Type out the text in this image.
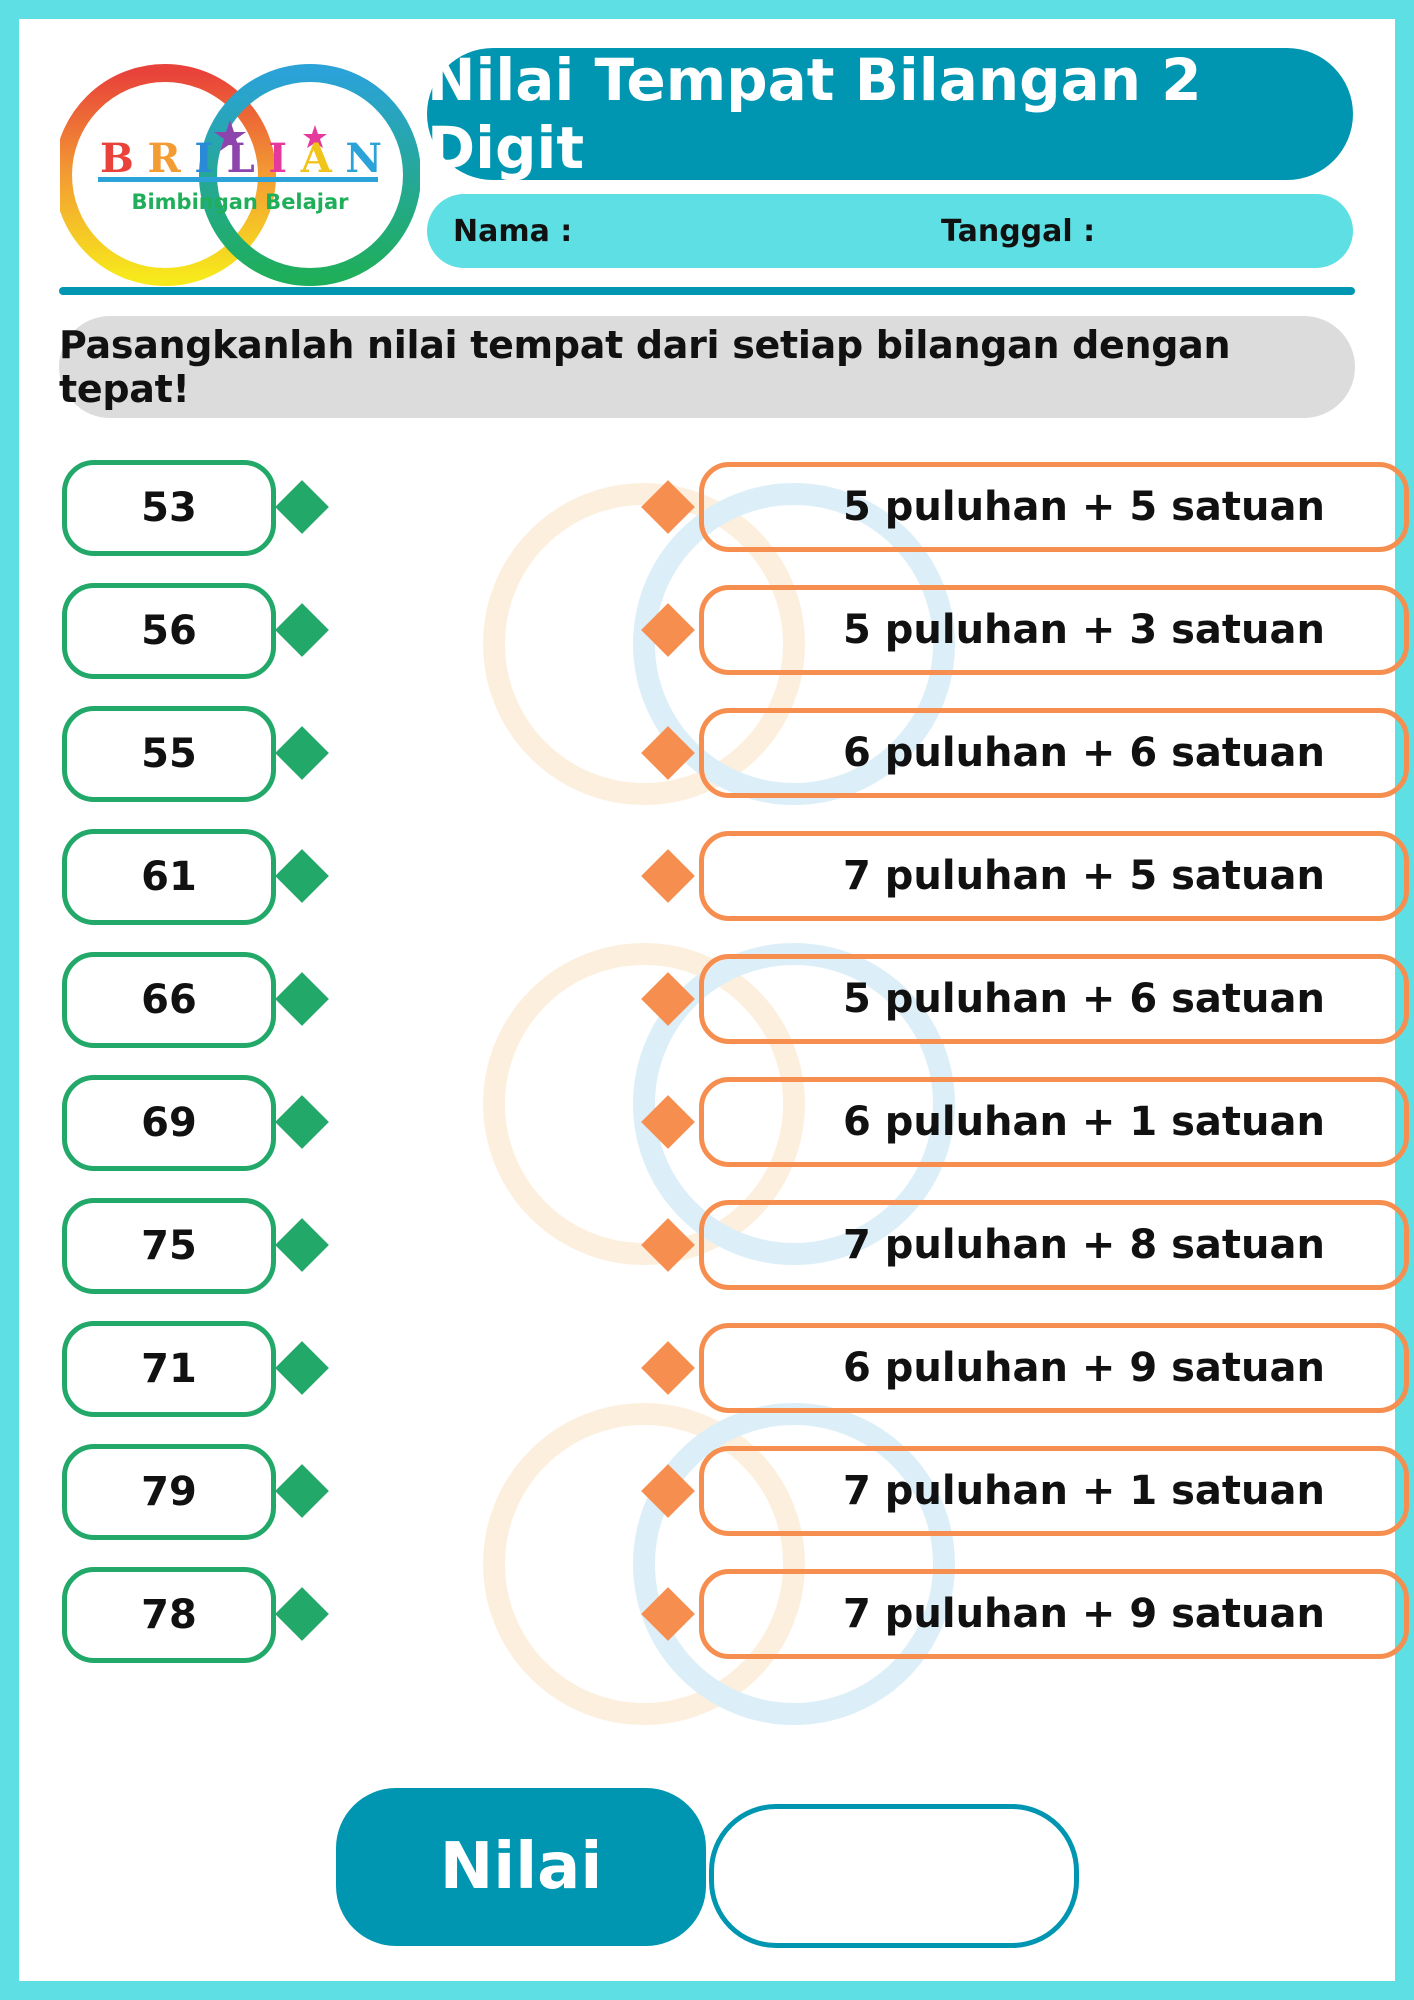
B R I L I A N
Bimbingan Belajar
Nilai Tempat Bilangan 2 Digit
Nama :	Tanggal :
Pasangkanlah nilai tempat dari setiap bilangan dengan tepat!
53	5 puluhan + 5 satuan
56	5 puluhan + 3 satuan
55	6 puluhan + 6 satuan
61	7 puluhan + 5 satuan
66	5 puluhan + 6 satuan
69	6 puluhan + 1 satuan
75	7 puluhan + 8 satuan
71	6 puluhan + 9 satuan
79	7 puluhan + 1 satuan
78	7 puluhan + 9 satuan
Nilai
